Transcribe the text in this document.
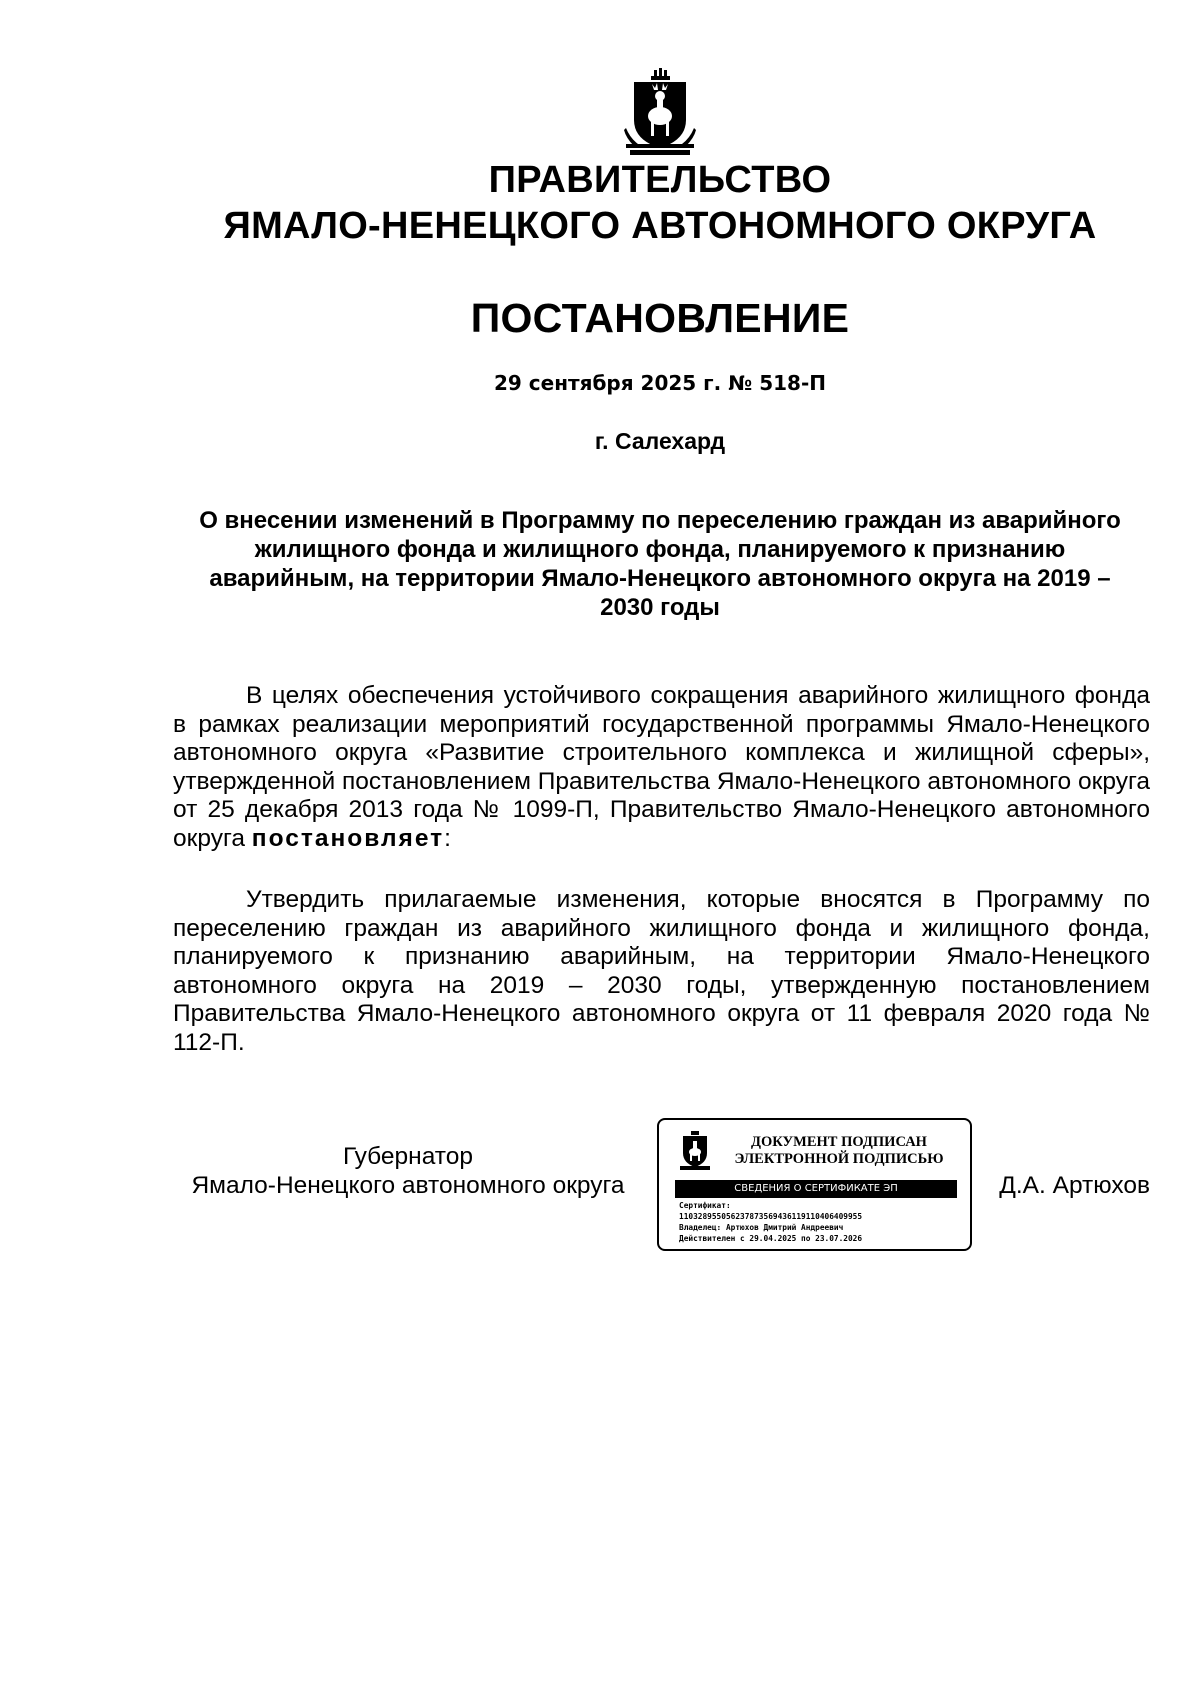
ПРАВИТЕЛЬСТВО
ЯМАЛО-НЕНЕЦКОГО АВТОНОМНОГО ОКРУГА
ПОСТАНОВЛЕНИЕ
29 сентября 2025 г. № 518-П
г. Салехард
О внесении изменений в Программу по переселению граждан из аварийного жилищного фонда и жилищного фонда, планируемого к признанию аварийным, на территории Ямало-Ненецкого автономного округа на 2019 – 2030 годы

В целях обеспечения устойчивого сокращения аварийного жилищного фонда в рамках реализации мероприятий государственной программы Ямало-Ненецкого автономного округа «Развитие строительного комплекса и жилищной сферы», утвержденной постановлением Правительства Ямало-Ненецкого автономного округа от 25 декабря 2013 года № 1099-П, Правительство Ямало-Ненецкого автономного округа постановляет:

Утвердить прилагаемые изменения, которые вносятся в Программу по переселению граждан из аварийного жилищного фонда и жилищного фонда, планируемого к признанию аварийным, на территории Ямало-Ненецкого автономного округа на 2019 – 2030 годы, утвержденную постановлением Правительства Ямало-Ненецкого автономного округа от 11 февраля 2020 года № 112-П.

Губернатор
Ямало-Ненецкого автономного округа
ДОКУМЕНТ ПОДПИСАН
ЭЛЕКТРОННОЙ ПОДПИСЬЮ
СВЕДЕНИЯ О СЕРТИФИКАТЕ ЭП
Сертификат:
110328955056237873569436119110406409955
Владелец: Артюхов Дмитрий Андреевич
Действителен с 29.04.2025 по 23.07.2026
Д.А. Артюхов
